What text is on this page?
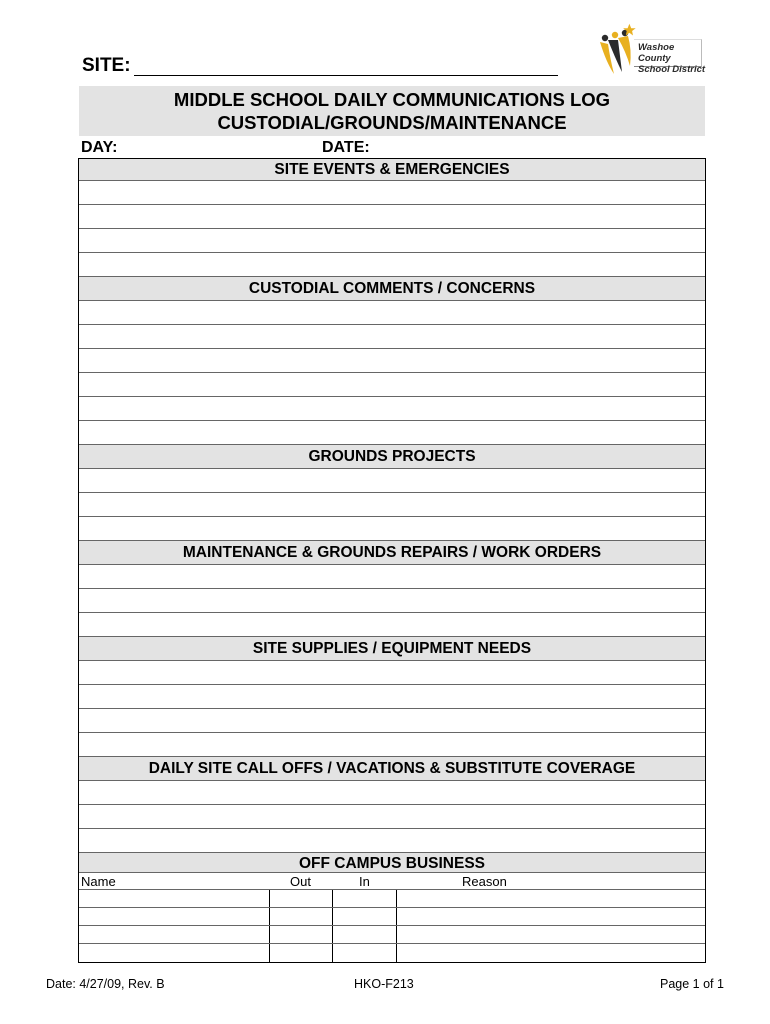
SITE:
Washoe County
School District
MIDDLE SCHOOL DAILY COMMUNICATIONS LOG
CUSTODIAL/GROUNDS/MAINTENANCE
DAY:	DATE:
SITE EVENTS & EMERGENCIES
CUSTODIAL COMMENTS / CONCERNS
GROUNDS PROJECTS
MAINTENANCE & GROUNDS REPAIRS / WORK ORDERS
SITE SUPPLIES / EQUIPMENT NEEDS
DAILY SITE CALL OFFS / VACATIONS & SUBSTITUTE COVERAGE
OFF CAMPUS BUSINESS
Name	Out	In	Reason
Date: 4/27/09, Rev. B	HKO-F213	Page 1 of 1
